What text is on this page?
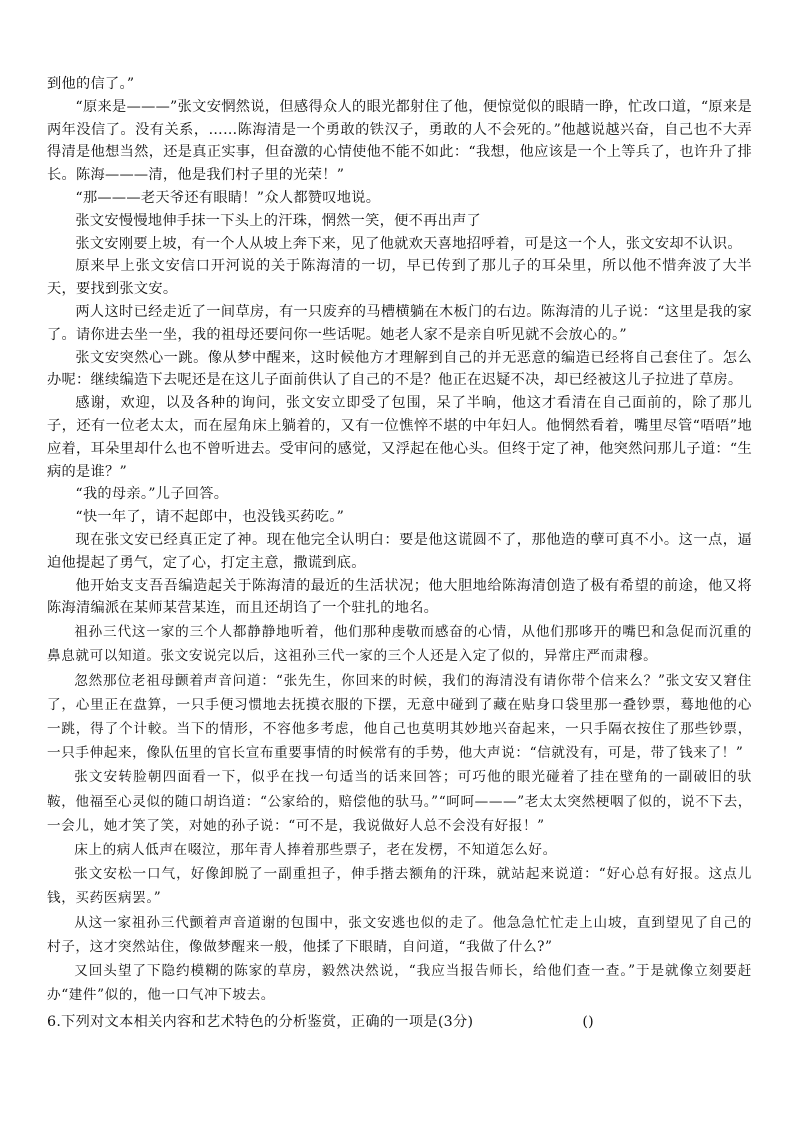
到他的信了。”

“原来是———”张文安惘然说，但感得众人的眼光都射住了他，便惊觉似的眼睛一睁，忙改口道，“原来是两年没信了。没有关系，……陈海清是一个勇敢的铁汉子，勇敢的人不会死的。”他越说越兴奋，自己也不大弄得清是他想当然，还是真正实事，但奋激的心情使他不能不如此：“我想，他应该是一个上等兵了，也许升了排长。陈海———清，他是我们村子里的光荣！”

“那———老天爷还有眼睛！”众人都赞叹地说。

张文安慢慢地伸手抹一下头上的汗珠，惘然一笑，便不再出声了

张文安刚要上坡，有一个人从坡上奔下来，见了他就欢天喜地招呼着，可是这一个人，张文安却不认识。

原来早上张文安信口开河说的关于陈海清的一切，早已传到了那儿子的耳朵里，所以他不惜奔波了大半天，要找到张文安。

两人这时已经走近了一间草房，有一只废弃的马槽横躺在木板门的右边。陈海清的儿子说：“这里是我的家了。请你进去坐一坐，我的祖母还要问你一些话呢。她老人家不是亲自听见就不会放心的。”

张文安突然心一跳。像从梦中醒来，这时候他方才理解到自己的并无恶意的编造已经将自己套住了。怎么办呢：继续编造下去呢还是在这儿子面前供认了自己的不是？他正在迟疑不决，却已经被这儿子拉进了草房。

感谢，欢迎，以及各种的询问，张文安立即受了包围，呆了半晌，他这才看清在自己面前的，除了那儿子，还有一位老太太，而在屋角床上躺着的，又有一位憔悴不堪的中年妇人。他惘然看着，嘴里尽管“唔唔”地应着，耳朵里却什么也不曾听进去。受审问的感觉，又浮起在他心头。但终于定了神，他突然问那儿子道：“生病的是谁？”

“我的母亲。”儿子回答。

“快一年了，请不起郎中，也没钱买药吃。”

现在张文安已经真正定了神。现在他完全认明白：要是他这谎圆不了，那他造的孽可真不小。这一点，逼迫他提起了勇气，定了心，打定主意，撒谎到底。

他开始支支吾吾编造起关于陈海清的最近的生活状况；他大胆地给陈海清创造了极有希望的前途，他又将陈海清编派在某师某营某连，而且还胡诌了一个驻扎的地名。

祖孙三代这一家的三个人都静静地听着，他们那种虔敬而感奋的心情，从他们那哆开的嘴巴和急促而沉重的鼻息就可以知道。张文安说完以后，这祖孙三代一家的三个人还是入定了似的，异常庄严而肃穆。

忽然那位老祖母颤着声音问道：“张先生，你回来的时候，我们的海清没有请你带个信来么？”张文安又窘住了，心里正在盘算，一只手便习惯地去抚摸衣服的下摆，无意中碰到了藏在贴身口袋里那一叠钞票，蓦地他的心一跳，得了个计較。当下的情形，不容他多考虑，他自己也莫明其妙地兴奋起来，一只手隔衣按住了那些钞票，一只手伸起来，像队伍里的官长宣布重要事情的时候常有的手势，他大声说：“信就没有，可是，带了钱来了！”

张文安转脸朝四面看一下，似乎在找一句适当的话来回答；可巧他的眼光碰着了挂在壁角的一副破旧的驮鞍，他福至心灵似的随口胡诌道：“公家给的，赔偿他的驮马。”“呵呵———”老太太突然梗咽了似的，说不下去，一会儿，她才笑了笑，对她的孙子说：“可不是，我说做好人总不会没有好报！”

床上的病人低声在啜泣，那年青人捧着那些票子，老在发楞，不知道怎么好。

张文安松一口气，好像卸脱了一副重担子，伸手揩去额角的汗珠，就站起来说道：“好心总有好报。这点儿钱，买药医病罢。”

从这一家祖孙三代颤着声音道谢的包围中，张文安逃也似的走了。他急急忙忙走上山坡，直到望见了自己的村子，这才突然站住，像做梦醒来一般，他揉了下眼睛，自问道，“我做了什么?”

又回头望了下隐约模糊的陈家的草房，毅然决然说，“我应当报告师长，给他们查一查。”于是就像立刻要赶办“建件”似的，他一口气冲下坡去。

6.下列对文本相关内容和艺术特色的分析鉴赏，正确的一项是(3分)	()
